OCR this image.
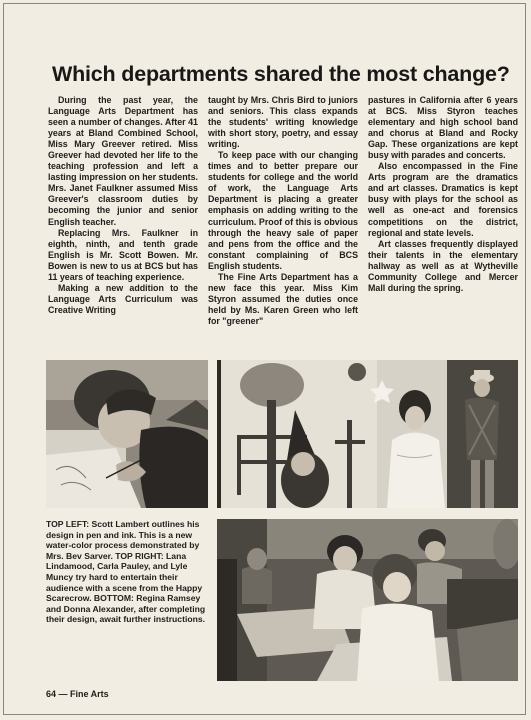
Which departments shared the most change?

During the past year, the Language Arts Department has seen a number of changes. After 41 years at Bland Combined School, Miss Mary Greever retired. Miss Greever had devoted her life to the teaching profession and left a lasting impression on her students. Mrs. Janet Faulkner assumed Miss Greever's classroom duties by becoming the junior and senior English teacher.

Replacing Mrs. Faulkner in eighth, ninth, and tenth grade English is Mr. Scott Bowen. Mr. Bowen is new to us at BCS but has 11 years of teaching experience.

Making a new addition to the Language Arts Curriculum was Creative Writing

taught by Mrs. Chris Bird to juniors and seniors. This class expands the students' writing knowledge with short story, poetry, and essay writing.

To keep pace with our changing times and to better prepare our students for college and the world of work, the Language Arts Department is placing a greater emphasis on adding writing to the curriculum. Proof of this is obvious through the heavy sale of paper and pens from the office and the constant complaining of BCS English students.

The Fine Arts Department has a new face this year. Miss Kim Styron assumed the duties once held by Ms. Karen Green who left for "greener"

pastures in California after 6 years at BCS. Miss Styron teaches elementary and high school band and chorus at Bland and Rocky Gap. These organizations are kept busy with parades and concerts.

Also encompassed in the Fine Arts program are the dramatics and art classes. Dramatics is kept busy with plays for the school as well as one-act and forensics competitions on the district, regional and state levels.

Art classes frequently displayed their talents in the elementary hallway as well as at Wytheville Community College and Mercer Mall during the spring.

TOP LEFT: Scott Lambert outlines his design in pen and ink. This is a new water-color process demonstrated by Mrs. Bev Sarver. TOP RIGHT: Lana Lindamood, Carla Pauley, and Lyle Muncy try hard to entertain their audience with a scene from the Happy Scarecrow. BOTTOM: Regina Ramsey and Donna Alexander, after completing their design, await further instructions.
64 — Fine Arts
